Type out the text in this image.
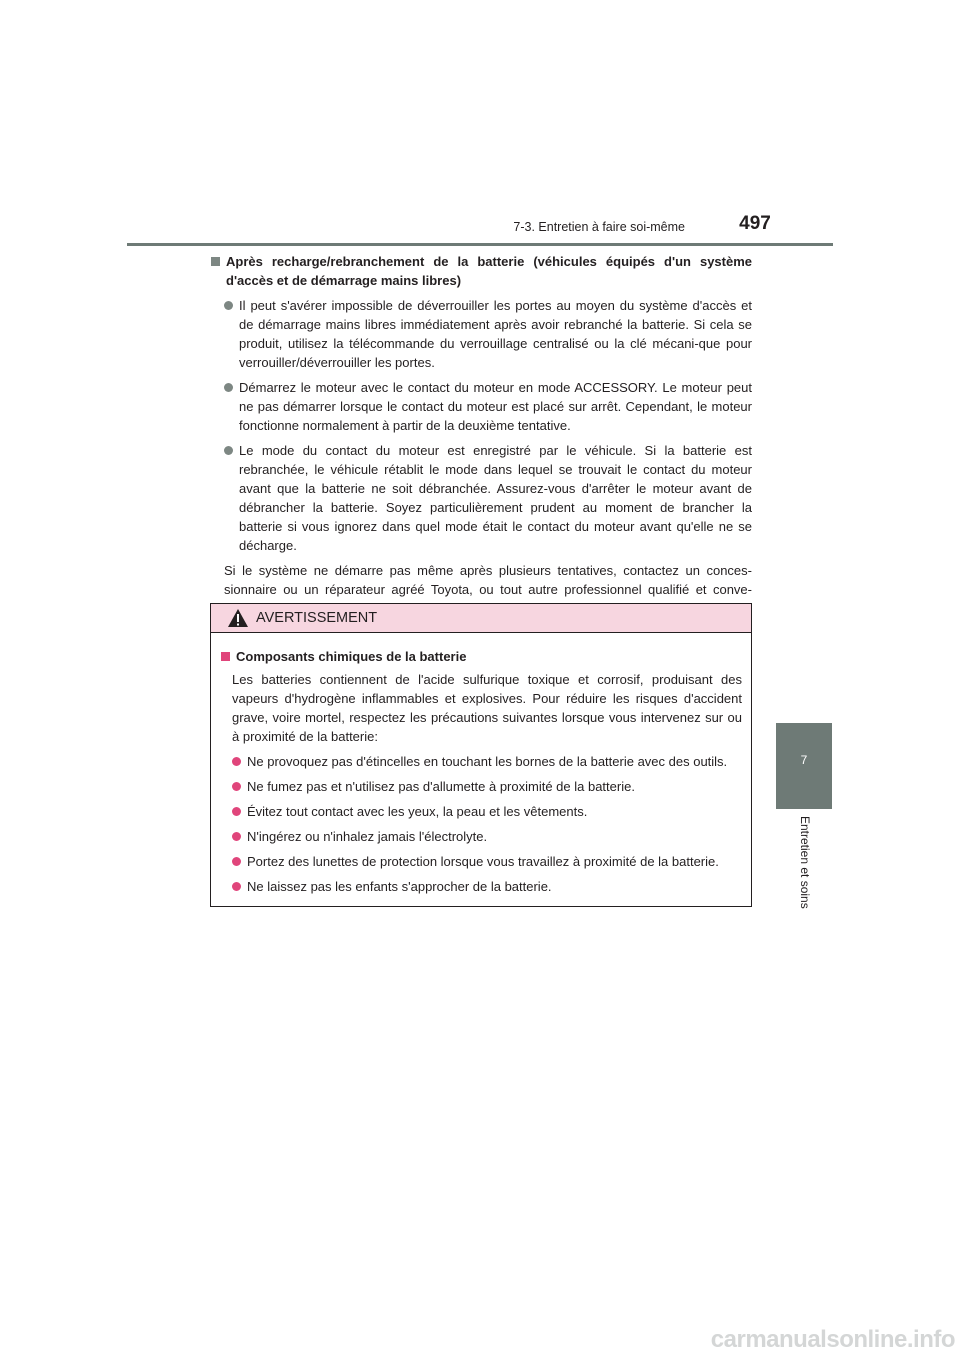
7-3. Entretien à faire soi-même	497
7
Entretien et soins
Après recharge/rebranchement de la batterie (véhicules équipés d'un système d'accès et de démarrage mains libres)
Il peut s'avérer impossible de déverrouiller les portes au moyen du système d'accès et de démarrage mains libres immédiatement après avoir rebranché la batterie. Si cela se produit, utilisez la télécommande du verrouillage centralisé ou la clé mécani-que pour verrouiller/déverrouiller les portes.
Démarrez le moteur avec le contact du moteur en mode ACCESSORY. Le moteur peut ne pas démarrer lorsque le contact du moteur est placé sur arrêt. Cependant, le moteur fonctionne normalement à partir de la deuxième tentative.
Le mode du contact du moteur est enregistré par le véhicule. Si la batterie est rebranchée, le véhicule rétablit le mode dans lequel se trouvait le contact du moteur avant que la batterie ne soit débranchée. Assurez-vous d'arrêter le moteur avant de débrancher la batterie. Soyez particulièrement prudent au moment de brancher la batterie si vous ignorez dans quel mode était le contact du moteur avant qu'elle ne se décharge.
Si le système ne démarre pas même après plusieurs tentatives, contactez un conces-sionnaire ou un réparateur agréé Toyota, ou tout autre professionnel qualifié et conve-
AVERTISSEMENT
Composants chimiques de la batterie
Les batteries contiennent de l'acide sulfurique toxique et corrosif, produisant des vapeurs d'hydrogène inflammables et explosives. Pour réduire les risques d'accident grave, voire mortel, respectez les précautions suivantes lorsque vous intervenez sur ou à proximité de la batterie:
Ne provoquez pas d'étincelles en touchant les bornes de la batterie avec des outils.
Ne fumez pas et n'utilisez pas d'allumette à proximité de la batterie.
Évitez tout contact avec les yeux, la peau et les vêtements.
N'ingérez ou n'inhalez jamais l'électrolyte.
Portez des lunettes de protection lorsque vous travaillez à proximité de la batterie.
Ne laissez pas les enfants s'approcher de la batterie.
carmanualsonline.info
